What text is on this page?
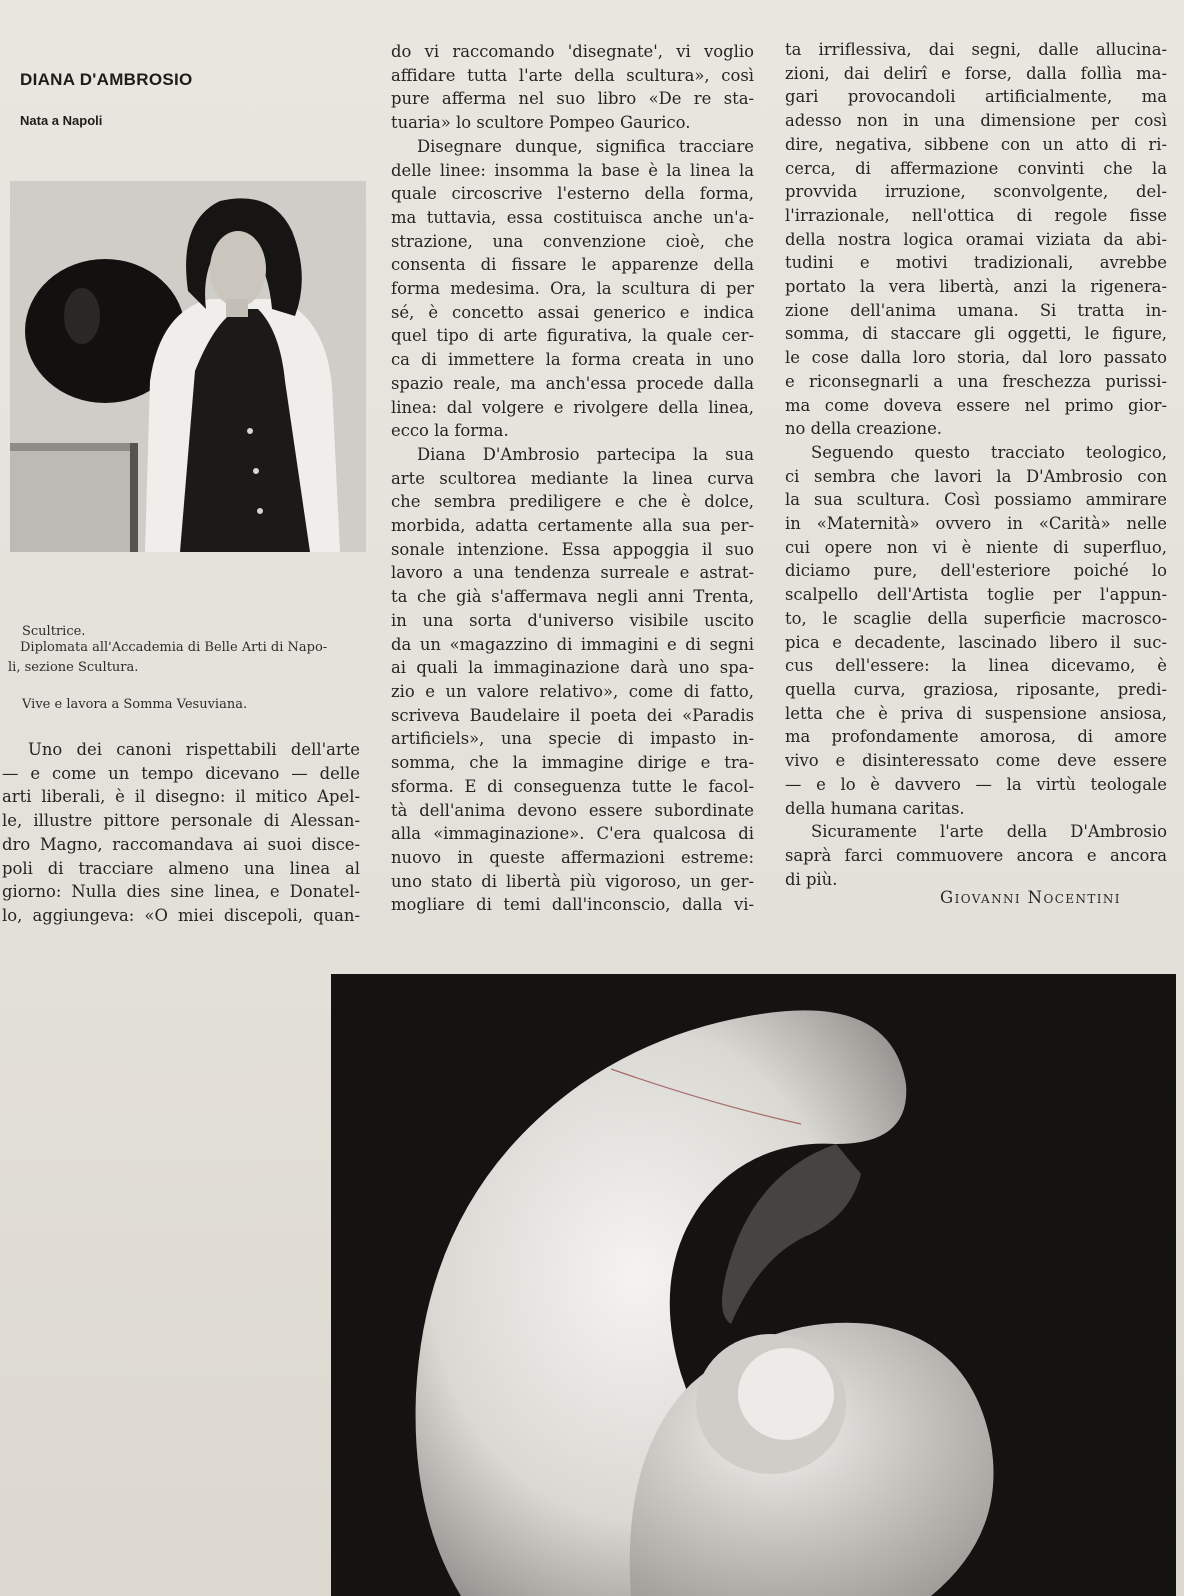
DIANA D'AMBROSIO
Nata a Napoli
Scultrice.
Diplomata all'Accademia di Belle Arti di Napo-
li, sezione Scultura.
Vive e lavora a Somma Vesuviana.
Uno dei canoni rispettabili dell'arte
— e come un tempo dicevano — delle
arti liberali, è il disegno: il mitico Apel-
le, illustre pittore personale di Alessan-
dro Magno, raccomandava ai suoi disce-
poli di tracciare almeno una linea al
giorno: Nulla dies sine linea, e Donatel-
lo, aggiungeva: «O miei discepoli, quan-
do vi raccomando 'disegnate', vi voglio
affidare tutta l'arte della scultura», così
pure afferma nel suo libro «De re sta-
tuaria» lo scultore Pompeo Gaurico.
Disegnare dunque, significa tracciare
delle linee: insomma la base è la linea la
quale circoscrive l'esterno della forma,
ma tuttavia, essa costituisca anche un'a-
strazione, una convenzione cioè, che
consenta di fissare le apparenze della
forma medesima. Ora, la scultura di per
sé, è concetto assai generico e indica
quel tipo di arte figurativa, la quale cer-
ca di immettere la forma creata in uno
spazio reale, ma anch'essa procede dalla
linea: dal volgere e rivolgere della linea,
ecco la forma.
Diana D'Ambrosio partecipa la sua
arte scultorea mediante la linea curva
che sembra prediligere e che è dolce,
morbida, adatta certamente alla sua per-
sonale intenzione. Essa appoggia il suo
lavoro a una tendenza surreale e astrat-
ta che già s'affermava negli anni Trenta,
in una sorta d'universo visibile uscito
da un «magazzino di immagini e di segni
ai quali la immaginazione darà uno spa-
zio e un valore relativo», come di fatto,
scriveva Baudelaire il poeta dei «Paradis
artificiels», una specie di impasto in-
somma, che la immagine dirige e tra-
sforma. E di conseguenza tutte le facol-
tà dell'anima devono essere subordinate
alla «immaginazione». C'era qualcosa di
nuovo in queste affermazioni estreme:
uno stato di libertà più vigoroso, un ger-
mogliare di temi dall'inconscio, dalla vi-
ta irriflessiva, dai segni, dalle allucina-
zioni, dai delirî e forse, dalla follìa ma-
gari provocandoli artificialmente, ma
adesso non in una dimensione per così
dire, negativa, sibbene con un atto di ri-
cerca, di affermazione convinti che la
provvida irruzione, sconvolgente, del-
l'irrazionale, nell'ottica di regole fisse
della nostra logica oramai viziata da abi-
tudini e motivi tradizionali, avrebbe
portato la vera libertà, anzi la rigenera-
zione dell'anima umana. Si tratta in-
somma, di staccare gli oggetti, le figure,
le cose dalla loro storia, dal loro passato
e riconsegnarli a una freschezza purissi-
ma come doveva essere nel primo gior-
no della creazione.
Seguendo questo tracciato teologico,
ci sembra che lavori la D'Ambrosio con
la sua scultura. Così possiamo ammirare
in «Maternità» ovvero in «Carità» nelle
cui opere non vi è niente di superfluo,
diciamo pure, dell'esteriore poiché lo
scalpello dell'Artista toglie per l'appun-
to, le scaglie della superficie macrosco-
pica e decadente, lascinado libero il suc-
cus dell'essere: la linea dicevamo, è
quella curva, graziosa, riposante, predi-
letta che è priva di suspensione ansiosa,
ma profondamente amorosa, di amore
vivo e disinteressato come deve essere
— e lo è davvero — la virtù teologale
della humana caritas.
Sicuramente l'arte della D'Ambrosio
saprà farci commuovere ancora e ancora
di più.
Giovanni Nocentini
